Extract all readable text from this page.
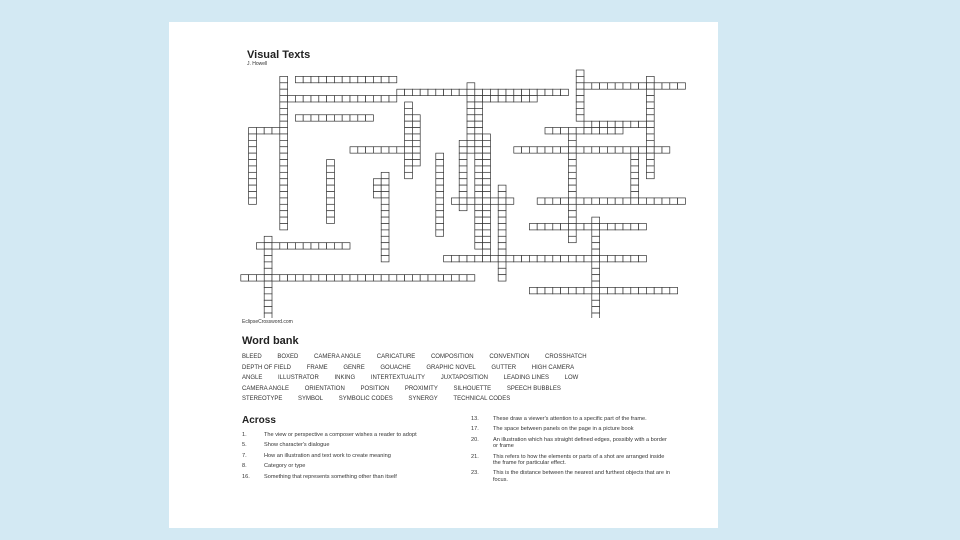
Visual Texts
J. Howell
EclipseCrossword.com
Word bank
BLEED	BOXED	CAMERA ANGLE	CARICATURE	COMPOSITION	CONVENTION	CROSSHATCH
DEPTH OF FIELD	FRAME	GENRE	GOUACHE	GRAPHIC NOVEL	GUTTER	HIGH CAMERA
ANGLE	ILLUSTRATOR	INKING	INTERTEXTUALITY	JUXTAPOSITION	LEADING LINES	LOW
CAMERA ANGLE	ORIENTATION	POSITION	PROXIMITY	SILHOUETTE	SPEECH BUBBLES
STEREOTYPE	SYMBOL	SYMBOLIC CODES	SYNERGY	TECHNICAL CODES
Across
1.	The view or perspective a composer wishes a reader to adopt
5.	Show character's dialogue
7.	How an illustration and text work to create meaning
8.	Category or type
16.	Something that represents something other than itself
13.	These draw a viewer's attention to a specific part of the frame.
17.	The space between panels on the page in a picture book
20.	An illustration which has straight defined edges, possibly with a border or frame
21.	This refers to how the elements or parts of a shot are arranged inside the frame for particular effect.
23.	This is the distance between the nearest and furthest objects that are in focus.
